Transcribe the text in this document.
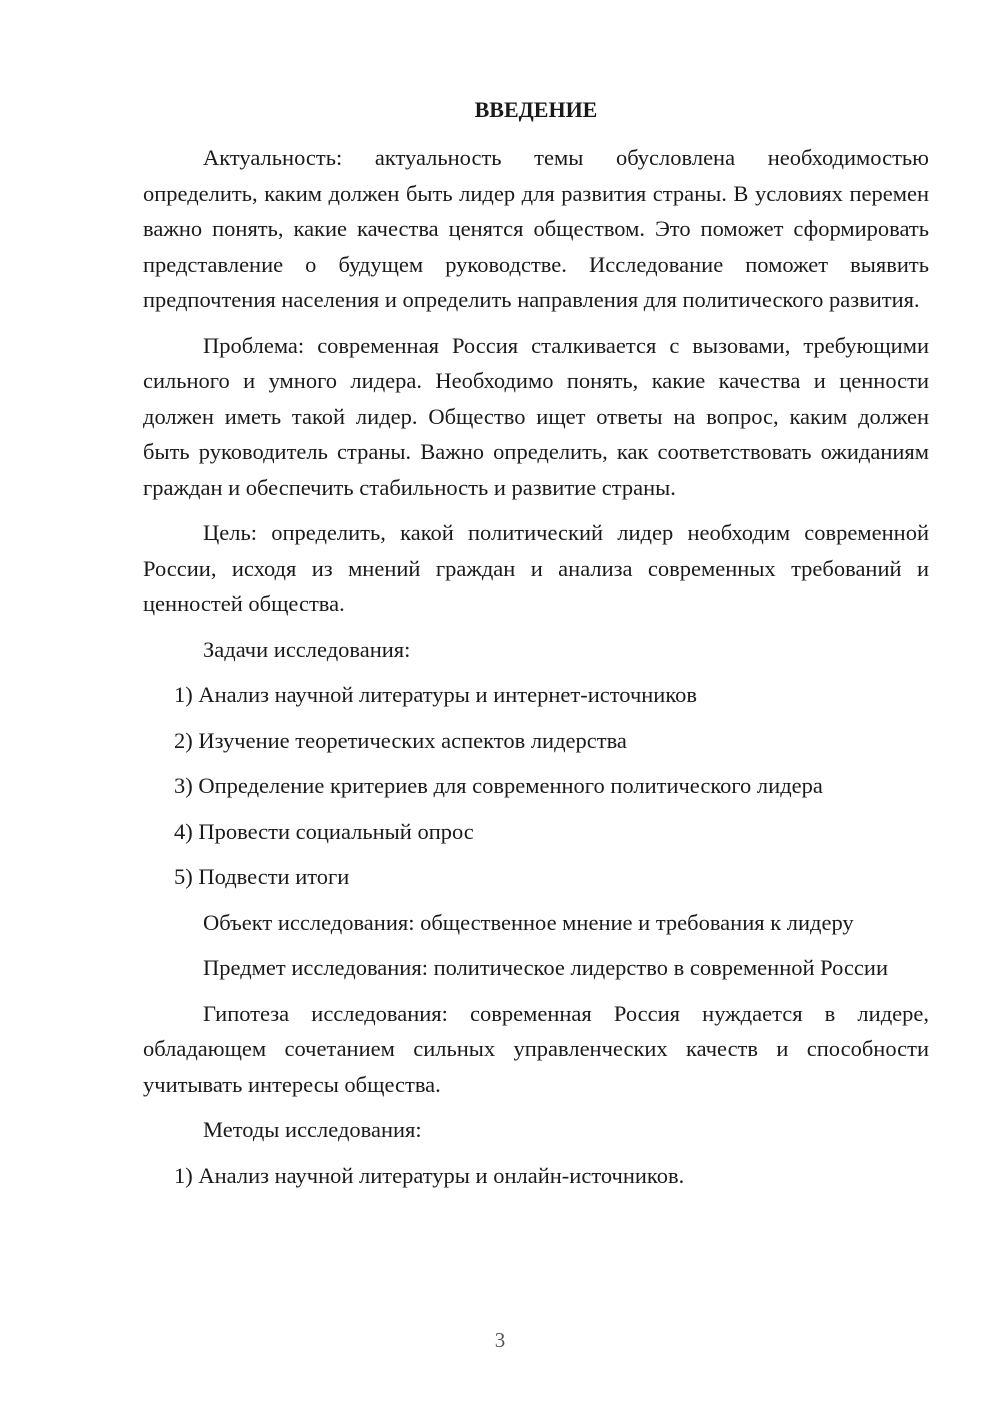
ВВЕДЕНИЕ
Актуальность: актуальность темы обусловлена необходимостью определить, каким должен быть лидер для развития страны. В условиях перемен важно понять, какие качества ценятся обществом. Это поможет сформировать представление о будущем руководстве. Исследование поможет выявить предпочтения населения и определить направления для политического развития.
Проблема: современная Россия сталкивается с вызовами, требующими сильного и умного лидера. Необходимо понять, какие качества и ценности должен иметь такой лидер. Общество ищет ответы на вопрос, каким должен быть руководитель страны. Важно определить, как соответствовать ожиданиям граждан и обеспечить стабильность и развитие страны.
Цель: определить, какой политический лидер необходим современной России, исходя из мнений граждан и анализа современных требований и ценностей общества.
Задачи исследования:
1) Анализ научной литературы и интернет-источников
2) Изучение теоретических аспектов лидерства
3) Определение критериев для современного политического лидера
4) Провести социальный опрос
5) Подвести итоги
Объект исследования: общественное мнение и требования к лидеру
Предмет исследования: политическое лидерство в современной России
Гипотеза исследования: современная Россия нуждается в лидере, обладающем сочетанием сильных управленческих качеств и способности учитывать интересы общества.
Методы исследования:
1) Анализ научной литературы и онлайн-источников.
3
